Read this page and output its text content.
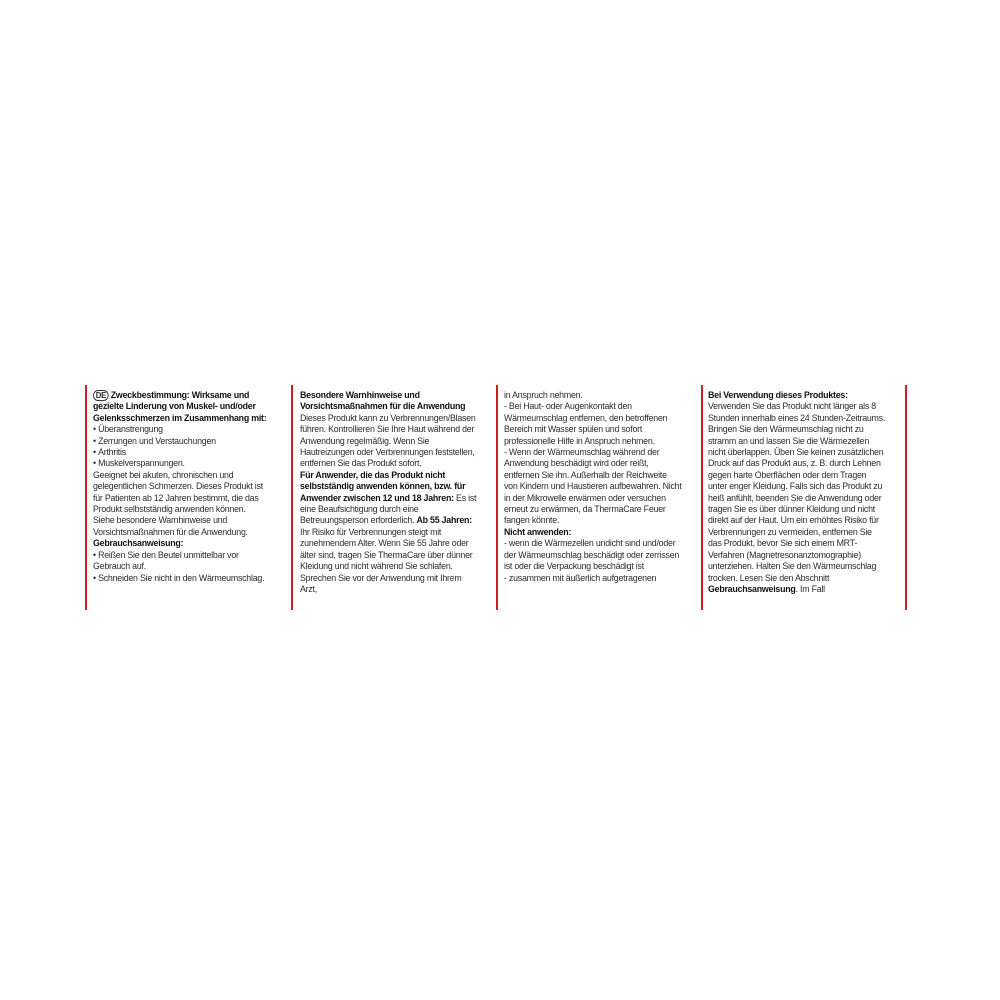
DE Zweckbestimmung: Wirksame und gezielte Linderung von Muskel- und/oder Gelenksschmerzen im Zusammenhang mit:

• Überanstrengung

• Zerrungen und Verstauchungen

• Arthritis

• Muskelverspannungen.

Geeignet bei akuten, chronischen und gelegentlichen Schmerzen. Dieses Produkt ist für Patienten ab 12 Jahren bestimmt, die das Produkt selbstständig anwenden können.

Siehe besondere Warnhinweise und Vorsichtsmaßnahmen für die Anwendung.

Gebrauchsanweisung:

• Reißen Sie den Beutel unmittelbar vor Gebrauch auf.

• Schneiden Sie nicht in den Wärmeumschlag.

Besondere Warnhinweise und Vorsichtsmaßnahmen für die Anwendung

Dieses Produkt kann zu Verbrennungen/Blasen führen. Kontrollieren Sie Ihre Haut während der Anwendung regelmäßig. Wenn Sie Hautreizungen oder Verbrennungen feststellen, entfernen Sie das Produkt sofort.

Für Anwender, die das Produkt nicht selbstständig anwenden können, bzw. für Anwender zwischen 12 und 18 Jahren: Es ist eine Beaufsichtigung durch eine Betreuungsperson erforderlich. Ab 55 Jahren: Ihr Risiko für Verbrennungen steigt mit zunehmendem Alter. Wenn Sie 55 Jahre oder älter sind, tragen Sie ThermaCare über dünner Kleidung und nicht während Sie schlafen. Sprechen Sie vor der Anwendung mit Ihrem Arzt,

in Anspruch nehmen.

- Bei Haut- oder Augenkontakt den Wärmeumschlag entfernen, den betroffenen Bereich mit Wasser spülen und sofort professionelle Hilfe in Anspruch nehmen.

- Wenn der Wärmeumschlag während der Anwendung beschädigt wird oder reißt, entfernen Sie ihn. Außerhalb der Reichweite von Kindern und Haustieren aufbewahren. Nicht in der Mikrowelle erwärmen oder versuchen erneut zu erwärmen, da ThermaCare Feuer fangen könnte.

Nicht anwenden:

- wenn die Wärmezellen undicht sind und/oder der Wärmeumschlag beschädigt oder zerrissen ist oder die Verpackung beschädigt ist

- zusammen mit äußerlich aufgetragenen

Bei Verwendung dieses Produktes: Verwenden Sie das Produkt nicht länger als 8 Stunden innerhalb eines 24 Stunden-Zeitraums. Bringen Sie den Wärmeumschlag nicht zu stramm an und lassen Sie die Wärmezellen nicht überlappen. Üben Sie keinen zusätzlichen Druck auf das Produkt aus, z. B. durch Lehnen gegen harte Oberflächen oder dem Tragen unter enger Kleidung. Falls sich das Produkt zu heiß anfühlt, beenden Sie die Anwendung oder tragen Sie es über dünner Kleidung und nicht direkt auf der Haut. Um ein erhöhtes Risiko für Verbrennungen zu vermeiden, entfernen Sie das Produkt, bevor Sie sich einem MRT-Verfahren (Magnetresonanztomographie) unterziehen. Halten Sie den Wärmeumschlag trocken. Lesen Sie den Abschnitt Gebrauchsanweisung. Im Fall
